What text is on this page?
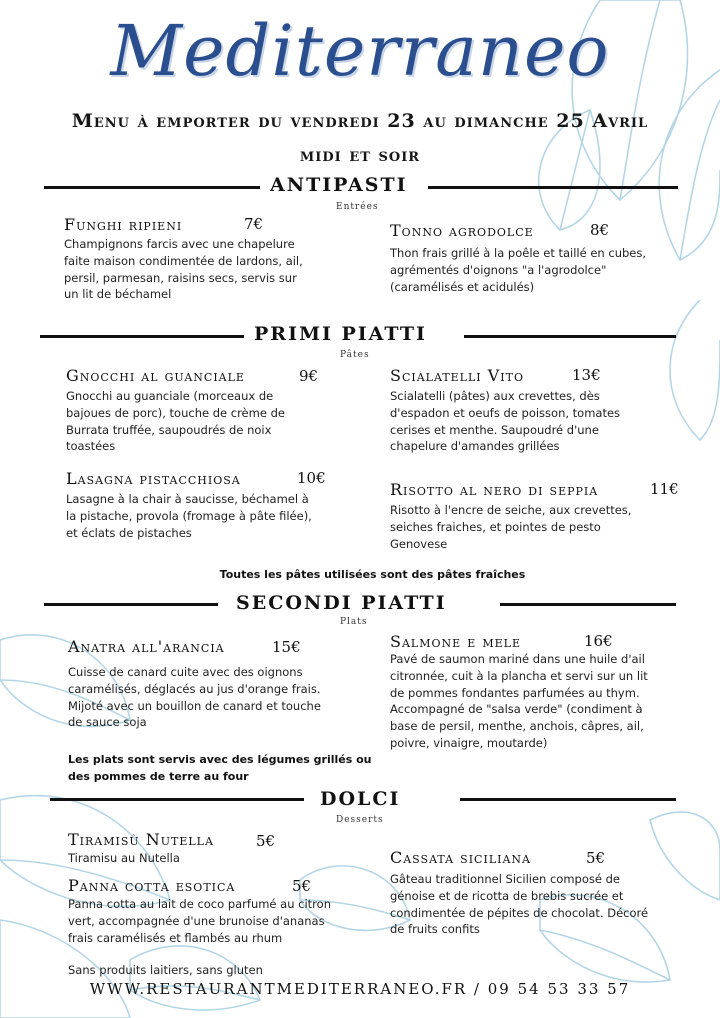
Mediterraneo
Menu à emporter du vendredi 23 au dimanche 25 Avril
midi et soir
ANTIPASTI
Entrées
Funghi ripieni	7€
Champignons farcis avec une chapelure faite maison condimentée de lardons, ail, persil, parmesan, raisins secs, servis sur un lit de béchamel
Tonno agrodolce	8€
Thon frais grillé à la poêle et taillé en cubes, agrémentés d'oignons "a l'agrodolce" (caramélisés et acidulés)
PRIMI PIATTI
Pâtes
Gnocchi al guanciale	9€
Gnocchi au guanciale (morceaux de bajoues de porc), touche de crème de Burrata truffée, saupoudrés de noix toastées
Scialatelli Vito	13€
Scialatelli (pâtes) aux crevettes, dès d'espadon et oeufs de poisson, tomates cerises et menthe. Saupoudré d'une chapelure d'amandes grillées
Lasagna pistacchiosa	10€
Lasagne à la chair à saucisse, béchamel à la pistache, provola (fromage à pâte filée), et éclats de pistaches
Risotto al nero di seppia	11€
Risotto à l'encre de seiche, aux crevettes, seiches fraiches, et pointes de pesto Genovese
Toutes les pâtes utilisées sont des pâtes fraîches
SECONDI PIATTI
Plats
Anatra all'arancia	15€
Cuisse de canard cuite avec des oignons caramélisés, déglacés au jus d'orange frais. Mijoté avec un bouillon de canard et touche de sauce soja
Salmone e mele	16€
Pavé de saumon mariné dans une huile d'ail citronnée, cuit à la plancha et servi sur un lit de pommes fondantes parfumées au thym. Accompagné de "salsa verde" (condiment à base de persil, menthe, anchois, câpres, ail, poivre, vinaigre, moutarde)
Les plats sont servis avec des légumes grillés ou des pommes de terre au four
DOLCI
Desserts
Tiramisù Nutella	5€
Tiramisu au Nutella	Cassata siciliana	5€
Gâteau traditionnel Sicilien composé de génoise et de ricotta de brebis sucrée et condimentée de pépites de chocolat. Décoré de fruits confits
Panna cotta esotica	5€
Panna cotta au lait de coco parfumé au citron vert, accompagnée d'une brunoise d'ananas frais caramélisés et flambés au rhum
Sans produits laitiers, sans gluten
WWW.RESTAURANTMEDITERRANEO.FR / 09 54 53 33 57
